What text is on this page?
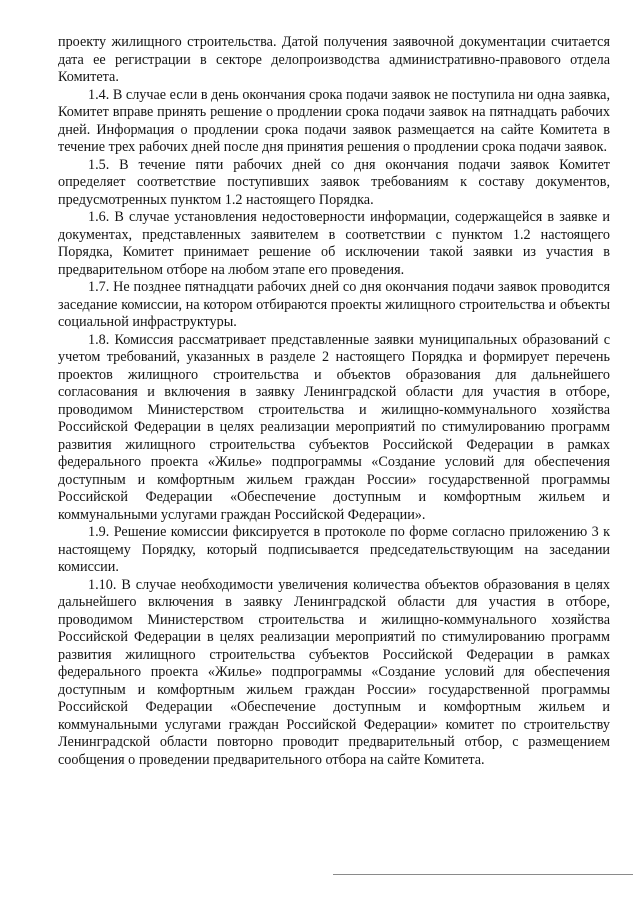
проекту жилищного строительства. Датой получения заявочной документации считается дата ее регистрации в секторе делопроизводства административно-правового отдела Комитета.

1.4. В случае если в день окончания срока подачи заявок не поступила ни одна заявка, Комитет вправе принять решение о продлении срока подачи заявок на пятнадцать рабочих дней. Информация о продлении срока подачи заявок размещается на сайте Комитета в течение трех рабочих дней после дня принятия решения о продлении срока подачи заявок.

1.5. В течение пяти рабочих дней со дня окончания подачи заявок Комитет определяет соответствие поступивших заявок требованиям к составу документов, предусмотренных пунктом 1.2 настоящего Порядка.

1.6. В случае установления недостоверности информации, содержащейся в заявке и документах, представленных заявителем в соответствии с пунктом 1.2 настоящего Порядка, Комитет принимает решение об исключении такой заявки из участия в предварительном отборе на любом этапе его проведения.

1.7. Не позднее пятнадцати рабочих дней со дня окончания подачи заявок проводится заседание комиссии, на котором отбираются проекты жилищного строительства и объекты социальной инфраструктуры.

1.8. Комиссия рассматривает представленные заявки муниципальных образований с учетом требований, указанных в разделе 2 настоящего Порядка и формирует перечень проектов жилищного строительства и объектов образования для дальнейшего согласования и включения в заявку Ленинградской области для участия в отборе, проводимом Министерством строительства и жилищно-коммунального хозяйства Российской Федерации в целях реализации мероприятий по стимулированию программ развития жилищного строительства субъектов Российской Федерации в рамках федерального проекта «Жилье» подпрограммы «Создание условий для обеспечения доступным и комфортным жильем граждан России» государственной программы Российской Федерации «Обеспечение доступным и комфортным жильем и коммунальными услугами граждан Российской Федерации».

1.9. Решение комиссии фиксируется в протоколе по форме согласно приложению 3 к настоящему Порядку, который подписывается председательствующим на заседании комиссии.

1.10. В случае необходимости увеличения количества объектов образования в целях дальнейшего включения в заявку Ленинградской области для участия в отборе, проводимом Министерством строительства и жилищно-коммунального хозяйства Российской Федерации в целях реализации мероприятий по стимулированию программ развития жилищного строительства субъектов Российской Федерации в рамках федерального проекта «Жилье» подпрограммы «Создание условий для обеспечения доступным и комфортным жильем граждан России» государственной программы Российской Федерации «Обеспечение доступным и комфортным жильем и коммунальными услугами граждан Российской Федерации» комитет по строительству Ленинградской области повторно проводит предварительный отбор, с размещением сообщения о проведении предварительного отбора на сайте Комитета.
